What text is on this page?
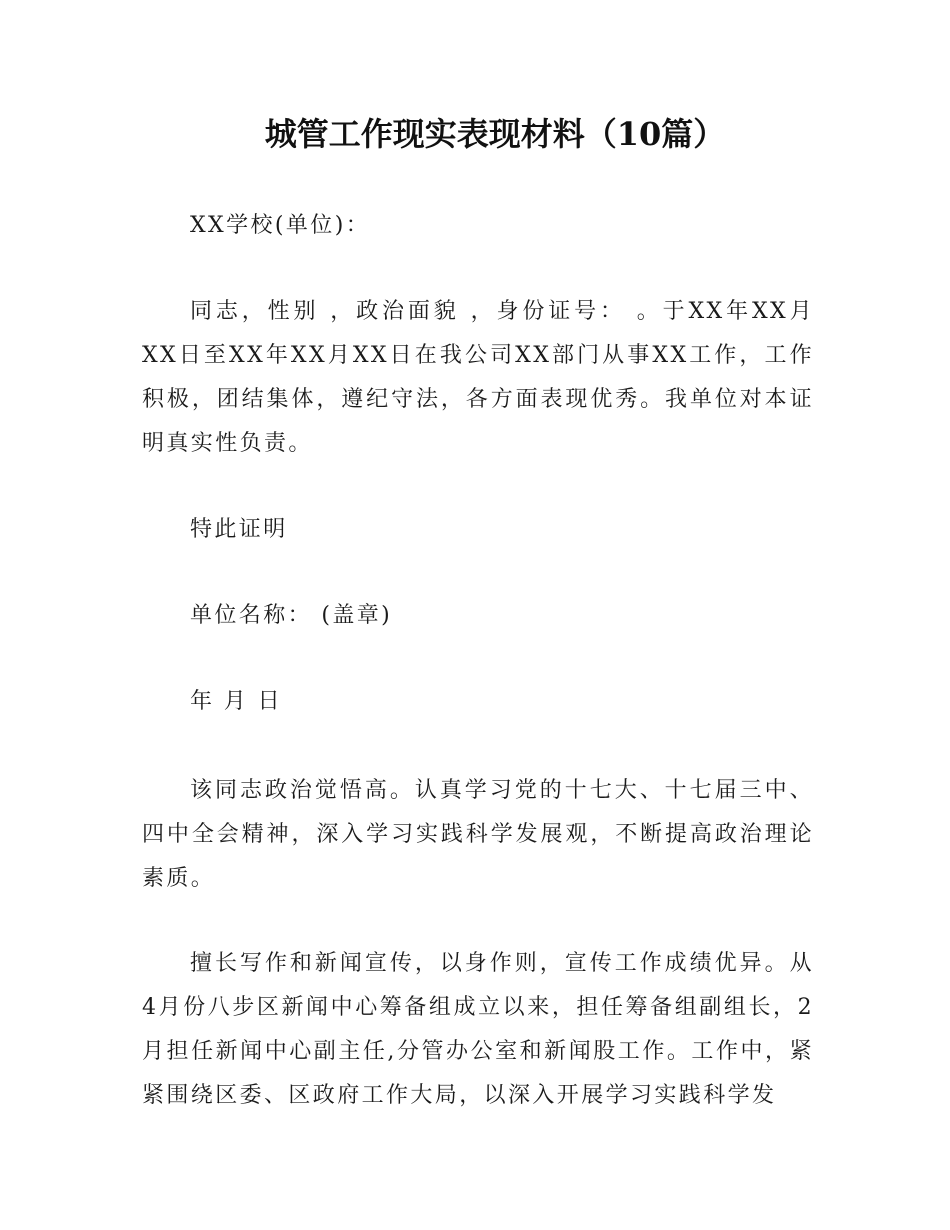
城管工作现实表现材料（10篇）

XX学校(单位)：

同志，性别 ，政治面貌 ，身份证号： 。于XX年XX月XX日至XX年XX月XX日在我公司XX部门从事XX工作，工作积极，团结集体，遵纪守法，各方面表现优秀。我单位对本证明真实性负责。

特此证明

单位名称： (盖章)

年 月 日

该同志政治觉悟高。认真学习党的十七大、十七届三中、四中全会精神，深入学习实践科学发展观，不断提高政治理论素质。

擅长写作和新闻宣传，以身作则，宣传工作成绩优异。从4月份八步区新闻中心筹备组成立以来，担任筹备组副组长，2月担任新闻中心副主任,分管办公室和新闻股工作。工作中，紧紧围绕区委、区政府工作大局，以深入开展学习实践科学发
